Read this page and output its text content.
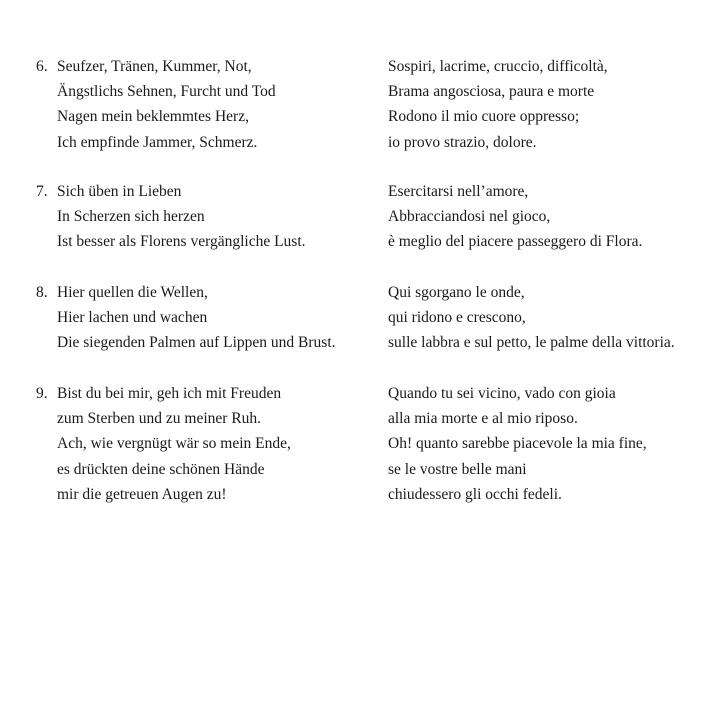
6. Seufzer, Tränen, Kummer, Not,
Ängstlichs Sehnen, Furcht und Tod
Nagen mein beklemmtes Herz,
Ich empfinde Jammer, Schmerz.
Sospiri, lacrime, cruccio, difficoltà,
Brama angosciosa, paura e morte
Rodono il mio cuore oppresso;
io provo strazio, dolore.
7. Sich üben in Lieben
In Scherzen sich herzen
Ist besser als Florens vergängliche Lust.
Esercitarsi nell’amore,
Abbracciandosi nel gioco,
è meglio del piacere passeggero di Flora.
8. Hier quellen die Wellen,
Hier lachen und wachen
Die siegenden Palmen auf Lippen und Brust.
Qui sgorgano le onde,
qui ridono e crescono,
sulle labbra e sul petto, le palme della vittoria.
9. Bist du bei mir, geh ich mit Freuden
zum Sterben und zu meiner Ruh.
Ach, wie vergnügt wär so mein Ende,
es drückten deine schönen Hände
mir die getreuen Augen zu!
Quando tu sei vicino, vado con gioia
alla mia morte e al mio riposo.
Oh! quanto sarebbe piacevole la mia fine,
se le vostre belle mani
chiudessero gli occhi fedeli.
